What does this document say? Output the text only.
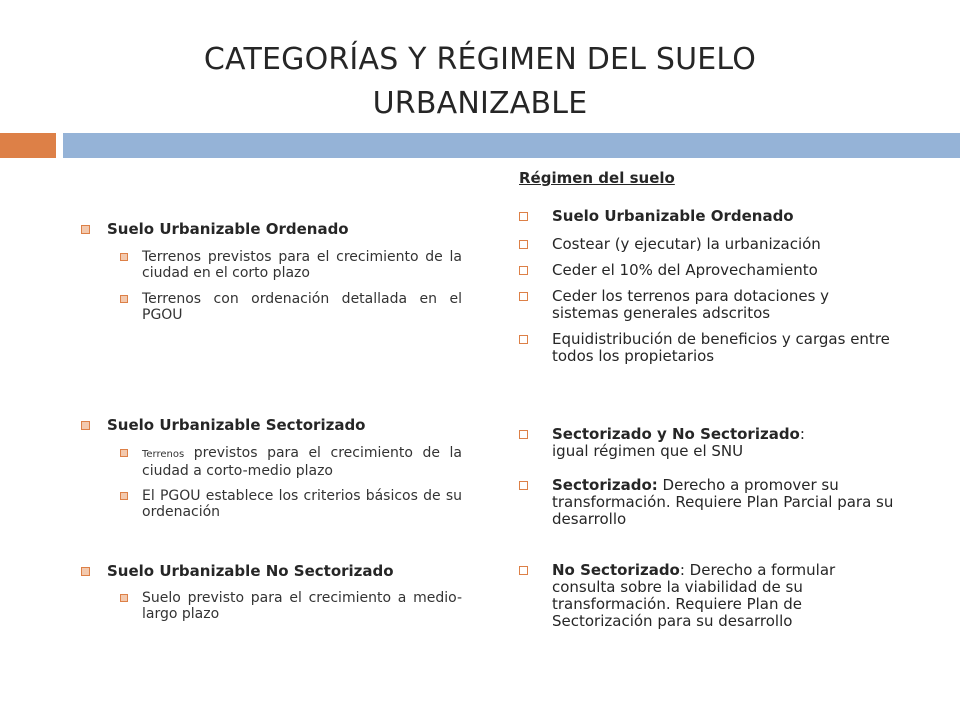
CATEGORÍAS Y RÉGIMEN DEL SUELO
URBANIZABLE
Suelo Urbanizable Ordenado
Terrenos previstos para el crecimiento de la ciudad en el corto plazo
Terrenos con ordenación detallada en el PGOU
Suelo Urbanizable Sectorizado
Terrenos previstos para el crecimiento de la ciudad a corto-medio plazo
El PGOU establece los criterios básicos de su ordenación
Suelo Urbanizable No Sectorizado
Suelo previsto para el crecimiento a medio-largo plazo
Régimen del suelo
Suelo Urbanizable Ordenado
Costear (y ejecutar) la urbanización
Ceder el 10% del Aprovechamiento
Ceder los terrenos para dotaciones y sistemas generales adscritos
Equidistribución de beneficios y cargas entre todos los propietarios
Sectorizado y No Sectorizado: igual régimen que el SNU
Sectorizado: Derecho a promover su transformación. Requiere Plan Parcial para su desarrollo
No Sectorizado: Derecho a formular consulta sobre la viabilidad de su transformación. Requiere Plan de Sectorización para su desarrollo
